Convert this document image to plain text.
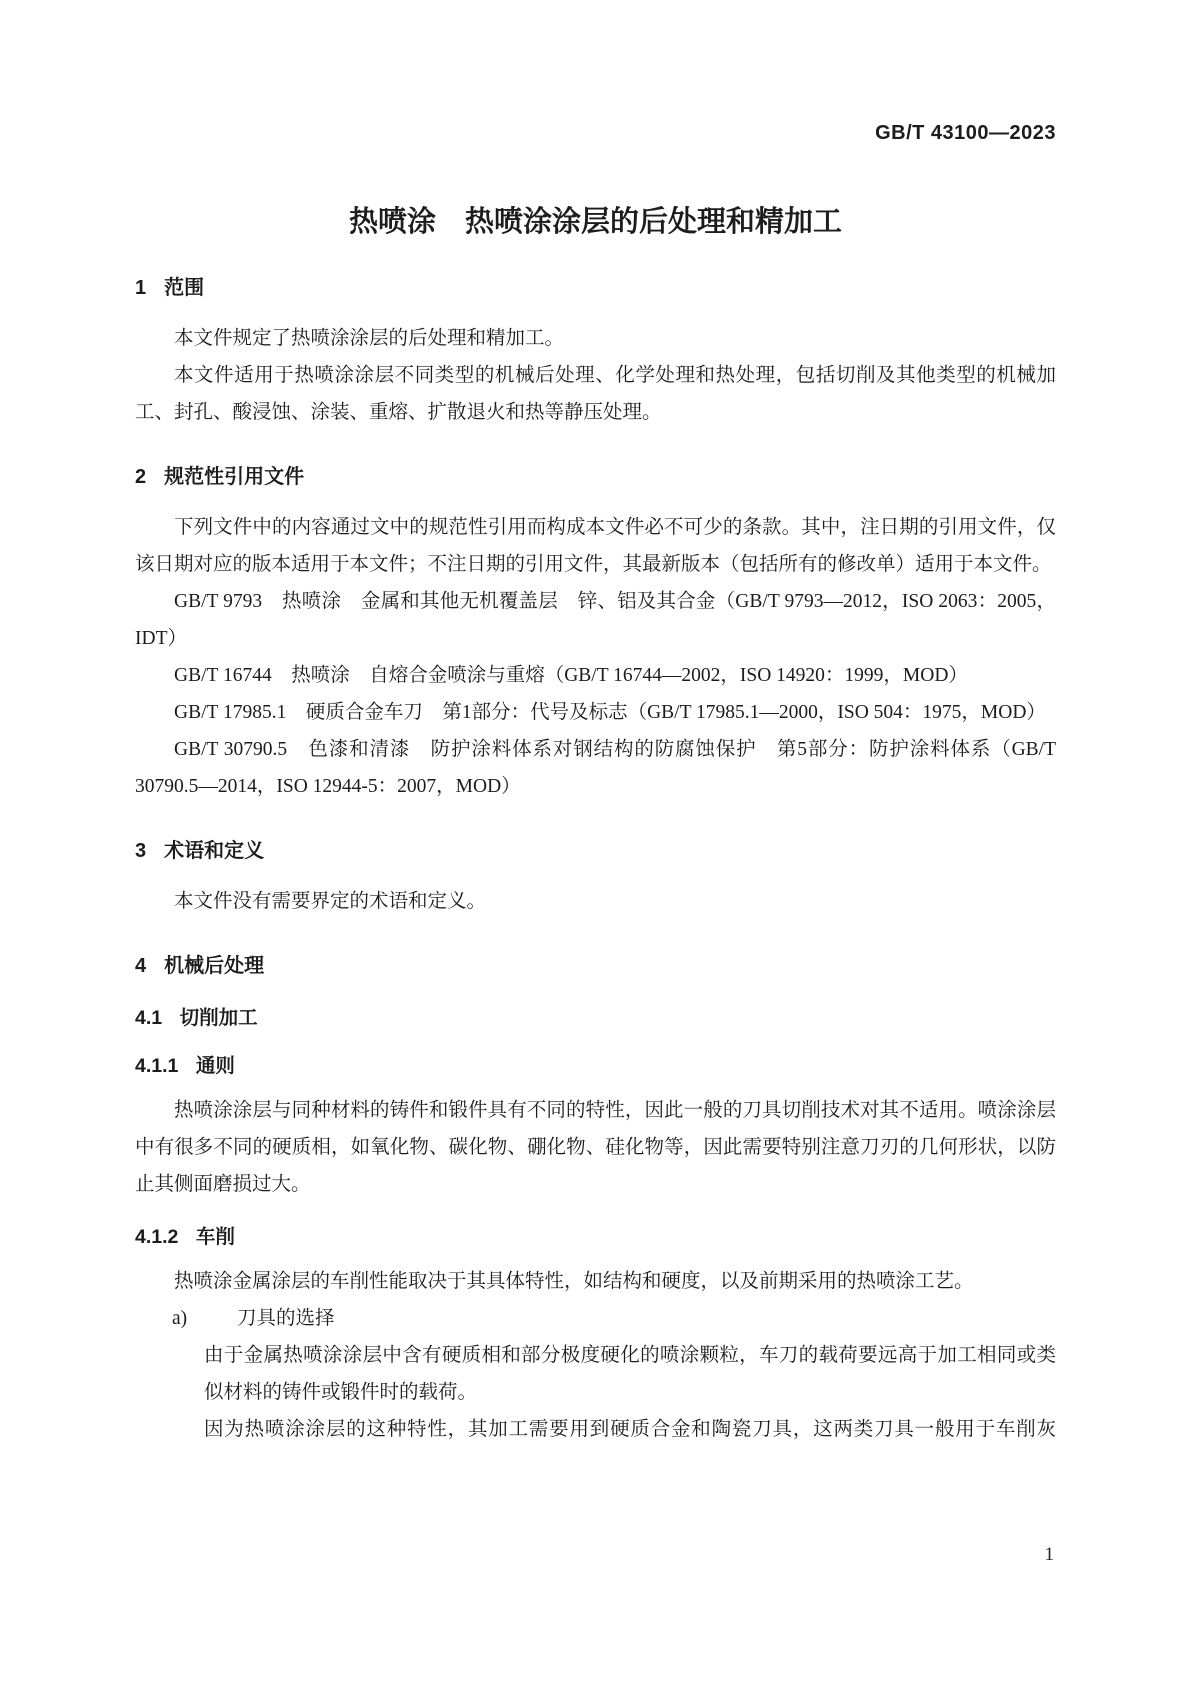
GB/T 43100—2023
热喷涂　热喷涂涂层的后处理和精加工
1 范围

本文件规定了热喷涂涂层的后处理和精加工。

本文件适用于热喷涂涂层不同类型的机械后处理、化学处理和热处理，包括切削及其他类型的机械加工、封孔、酸浸蚀、涂装、重熔、扩散退火和热等静压处理。

2 规范性引用文件

下列文件中的内容通过文中的规范性引用而构成本文件必不可少的条款。其中，注日期的引用文件，仅该日期对应的版本适用于本文件；不注日期的引用文件，其最新版本（包括所有的修改单）适用于本文件。

GB/T 9793　热喷涂　金属和其他无机覆盖层　锌、铝及其合金（GB/T 9793—2012，ISO 2063：2005，IDT）

GB/T 16744　热喷涂　自熔合金喷涂与重熔（GB/T 16744—2002，ISO 14920：1999，MOD）

GB/T 17985.1　硬质合金车刀　第1部分：代号及标志（GB/T 17985.1—2000，ISO 504：1975，MOD）

GB/T 30790.5　色漆和清漆　防护涂料体系对钢结构的防腐蚀保护　第5部分：防护涂料体系（GB/T 30790.5—2014，ISO 12944-5：2007，MOD）

3 术语和定义

本文件没有需要界定的术语和定义。

4 机械后处理
4.1 切削加工
4.1.1 通则

热喷涂涂层与同种材料的铸件和锻件具有不同的特性，因此一般的刀具切削技术对其不适用。喷涂涂层中有很多不同的硬质相，如氧化物、碳化物、硼化物、硅化物等，因此需要特别注意刀刃的几何形状，以防止其侧面磨损过大。

4.1.2 车削

热喷涂金属涂层的车削性能取决于其具体特性，如结构和硬度，以及前期采用的热喷涂工艺。

a)	刀具的选择

由于金属热喷涂涂层中含有硬质相和部分极度硬化的喷涂颗粒，车刀的载荷要远高于加工相同或类似材料的铸件或锻件时的载荷。

因为热喷涂涂层的这种特性，其加工需要用到硬质合金和陶瓷刀具，这两类刀具一般用于车削灰

1
